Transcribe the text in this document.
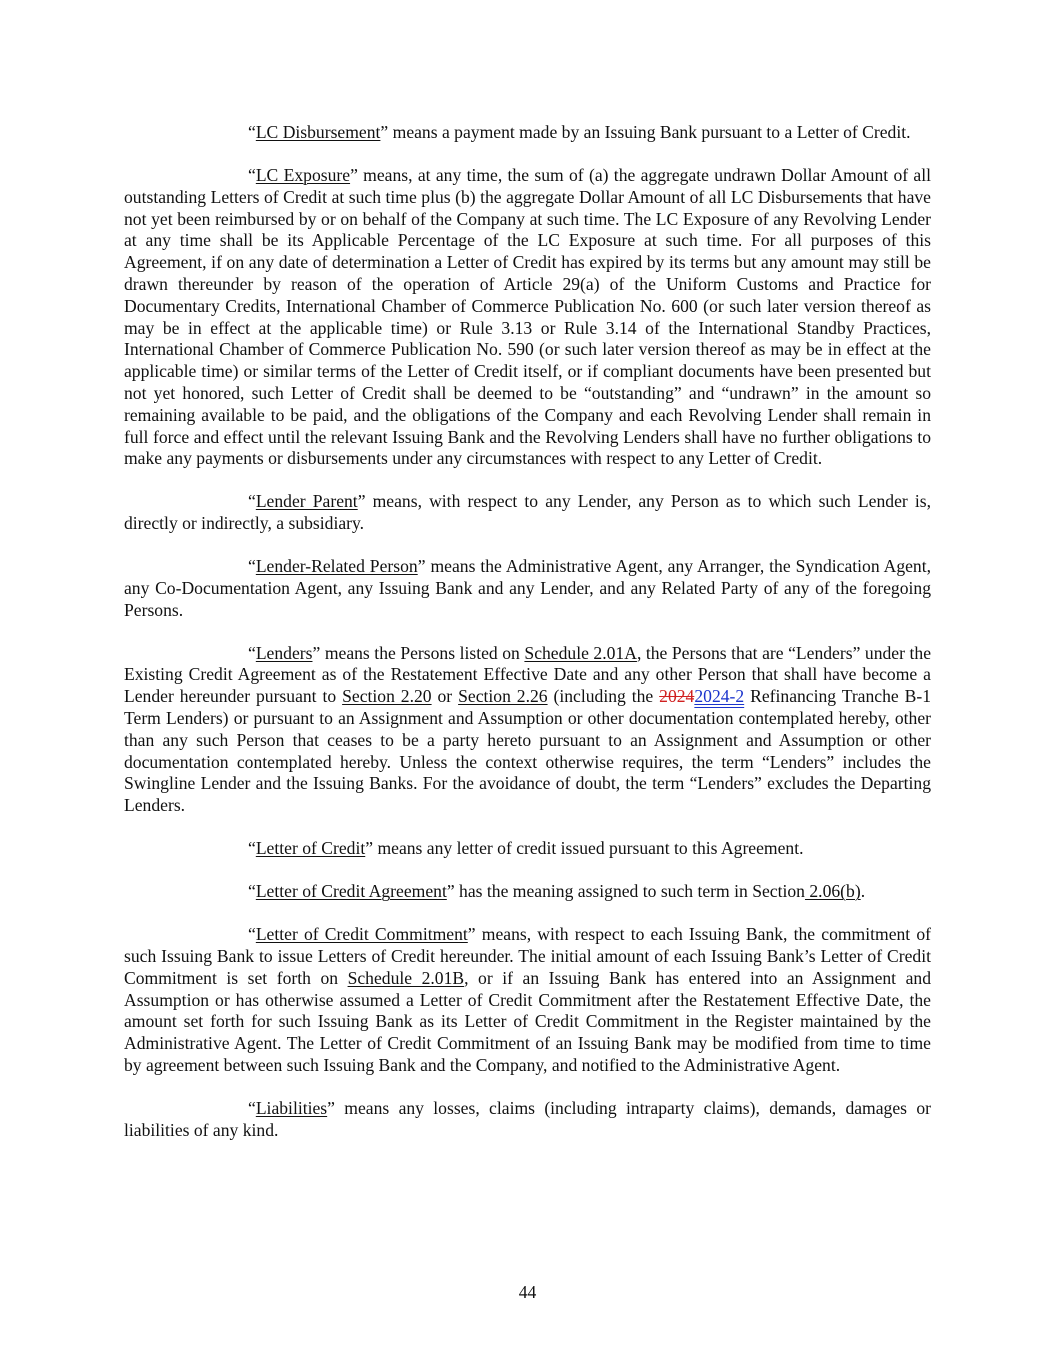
“LC Disbursement” means a payment made by an Issuing Bank pursuant to a Letter of Credit.

“LC Exposure” means, at any time, the sum of (a) the aggregate undrawn Dollar Amount of all outstanding Letters of Credit at such time plus (b) the aggregate Dollar Amount of all LC Disbursements that have not yet been reimbursed by or on behalf of the Company at such time. The LC Exposure of any Revolving Lender at any time shall be its Applicable Percentage of the LC Exposure at such time. For all purposes of this Agreement, if on any date of determination a Letter of Credit has expired by its terms but any amount may still be drawn thereunder by reason of the operation of Article 29(a) of the Uniform Customs and Practice for Documentary Credits, International Chamber of Commerce Publication No. 600 (or such later version thereof as may be in effect at the applicable time) or Rule 3.13 or Rule 3.14 of the International Standby Practices, International Chamber of Commerce Publication No. 590 (or such later version thereof as may be in effect at the applicable time) or similar terms of the Letter of Credit itself, or if compliant documents have been presented but not yet honored, such Letter of Credit shall be deemed to be “outstanding” and “undrawn” in the amount so remaining available to be paid, and the obligations of the Company and each Revolving Lender shall remain in full force and effect until the relevant Issuing Bank and the Revolving Lenders shall have no further obligations to make any payments or disbursements under any circumstances with respect to any Letter of Credit.

“Lender Parent” means, with respect to any Lender, any Person as to which such Lender is, directly or indirectly, a subsidiary.

“Lender-Related Person” means the Administrative Agent, any Arranger, the Syndication Agent, any Co-Documentation Agent, any Issuing Bank and any Lender, and any Related Party of any of the foregoing Persons.

“Lenders” means the Persons listed on Schedule 2.01A, the Persons that are “Lenders” under the Existing Credit Agreement as of the Restatement Effective Date and any other Person that shall have become a Lender hereunder pursuant to Section 2.20 or Section 2.26 (including the 20242024-2 Refinancing Tranche B-1 Term Lenders) or pursuant to an Assignment and Assumption or other documentation contemplated hereby, other than any such Person that ceases to be a party hereto pursuant to an Assignment and Assumption or other documentation contemplated hereby. Unless the context otherwise requires, the term “Lenders” includes the Swingline Lender and the Issuing Banks. For the avoidance of doubt, the term “Lenders” excludes the Departing Lenders.

“Letter of Credit” means any letter of credit issued pursuant to this Agreement.

“Letter of Credit Agreement” has the meaning assigned to such term in Section 2.06(b).

“Letter of Credit Commitment” means, with respect to each Issuing Bank, the commitment of such Issuing Bank to issue Letters of Credit hereunder. The initial amount of each Issuing Bank’s Letter of Credit Commitment is set forth on Schedule 2.01B, or if an Issuing Bank has entered into an Assignment and Assumption or has otherwise assumed a Letter of Credit Commitment after the Restatement Effective Date, the amount set forth for such Issuing Bank as its Letter of Credit Commitment in the Register maintained by the Administrative Agent. The Letter of Credit Commitment of an Issuing Bank may be modified from time to time by agreement between such Issuing Bank and the Company, and notified to the Administrative Agent.

“Liabilities” means any losses, claims (including intraparty claims), demands, damages or liabilities of any kind.

44
